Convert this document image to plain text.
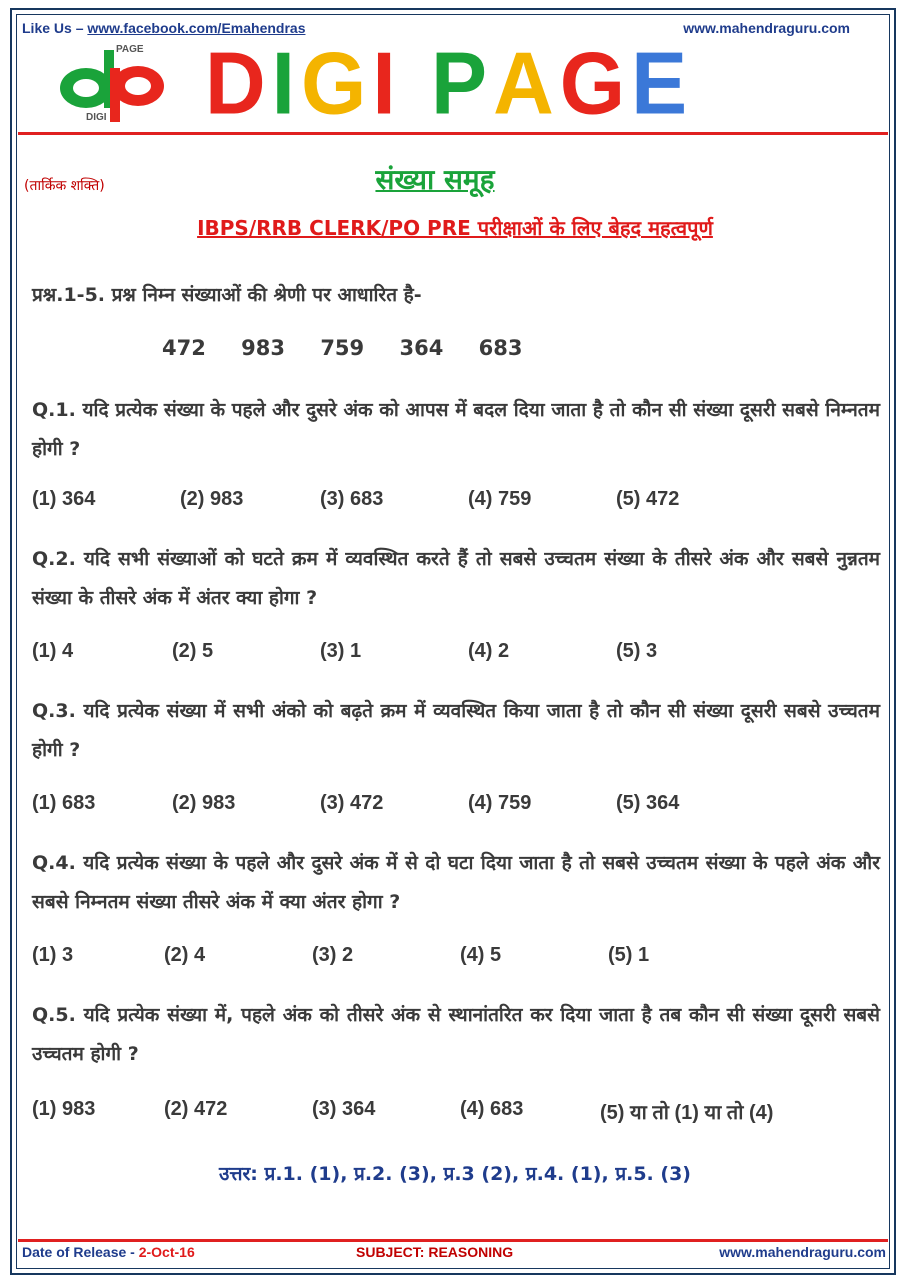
Like Us – www.facebook.com/Emahendras	www.mahendraguru.com
PAGE
DIGI DIGI PAGE
(तार्किक शक्ति)	संख्या समूह
IBPS/RRB CLERK/PO PRE परीक्षाओं के लिए बेहद महत्वपूर्ण
प्रश्न.1-5. प्रश्न निम्न संख्याओं की श्रेणी पर आधारित है-
472 983 759 364 683
Q.1. यदि प्रत्येक संख्या के पहले और दुसरे अंक को आपस में बदल दिया जाता है तो कौन सी संख्या दूसरी सबसे निम्नतम होगी ?
(1) 364	(2) 983	(3) 683	(4) 759	(5) 472
Q.2. यदि सभी संख्याओं को घटते क्रम में व्यवस्थित करते हैं तो सबसे उच्चतम संख्या के तीसरे अंक और सबसे नुन्नतम संख्या के तीसरे अंक में अंतर क्या होगा ?
(1) 4	(2) 5	(3) 1	(4) 2	(5) 3
Q.3. यदि प्रत्येक संख्या में सभी अंको को बढ़ते क्रम में व्यवस्थित किया जाता है तो कौन सी संख्या दूसरी सबसे उच्चतम होगी ?
(1) 683	(2) 983	(3) 472	(4) 759	(5) 364
Q.4. यदि प्रत्येक संख्या के पहले और दुसरे अंक में से दो घटा दिया जाता है तो सबसे उच्चतम संख्या के पहले अंक और सबसे निम्नतम संख्या तीसरे अंक में क्या अंतर होगा ?
(1) 3	(2) 4	(3) 2	(4) 5	(5) 1
Q.5. यदि प्रत्येक संख्या में, पहले अंक को तीसरे अंक से स्थानांतरित कर दिया जाता है तब कौन सी संख्या दूसरी सबसे उच्चतम होगी ?
(1) 983	(2) 472	(3) 364	(4) 683	(5) या तो (1) या तो (4)
उत्तर: प्र.1. (1), प्र.2. (3), प्र.3 (2), प्र.4. (1), प्र.5. (3)
Date of Release - 2-Oct-16	SUBJECT: REASONING	www.mahendraguru.com
